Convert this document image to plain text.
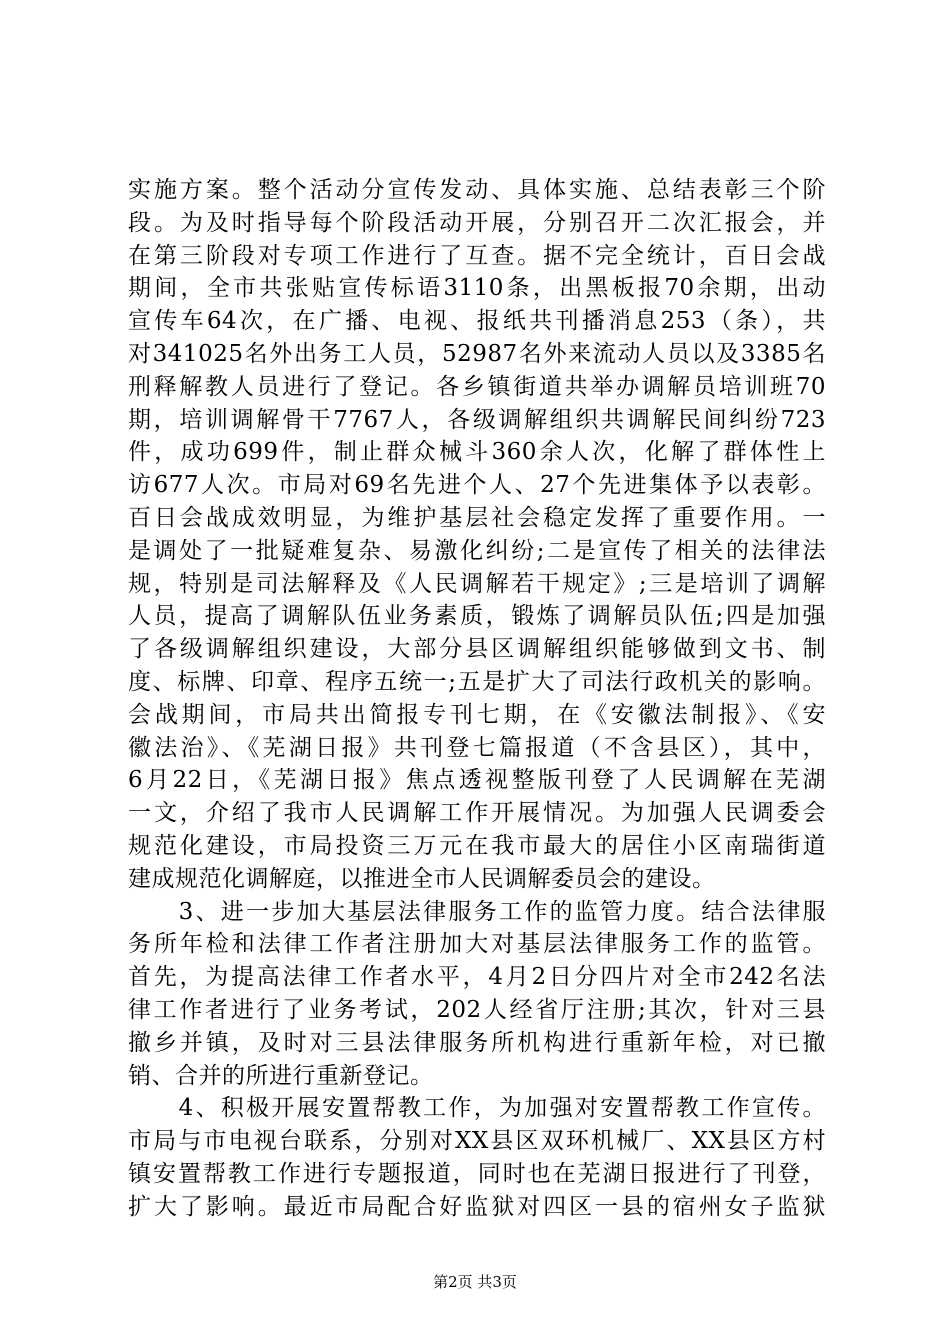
实施方案。整个活动分宣传发动、具体实施、总结表彰三个阶
段。为及时指导每个阶段活动开展，分别召开二次汇报会，并
在第三阶段对专项工作进行了互查。据不完全统计，百日会战
期间，全市共张贴宣传标语3110条，出黑板报70余期，出动
宣传车64次，在广播、电视、报纸共刊播消息253（条），共
对341025名外出务工人员，52987名外来流动人员以及3385名
刑释解教人员进行了登记。各乡镇街道共举办调解员培训班70
期，培训调解骨干7767人，各级调解组织共调解民间纠纷723
件，成功699件，制止群众械斗360余人次，化解了群体性上
访677人次。市局对69名先进个人、27个先进集体予以表彰。
百日会战成效明显，为维护基层社会稳定发挥了重要作用。一
是调处了一批疑难复杂、易激化纠纷;二是宣传了相关的法律法
规，特别是司法解释及《人民调解若干规定》;三是培训了调解
人员，提高了调解队伍业务素质，锻炼了调解员队伍;四是加强
了各级调解组织建设，大部分县区调解组织能够做到文书、制
度、标牌、印章、程序五统一;五是扩大了司法行政机关的影响。
会战期间，市局共出简报专刊七期，在《安徽法制报》、《安
徽法治》、《芜湖日报》共刊登七篇报道（不含县区），其中，
6月22日，《芜湖日报》焦点透视整版刊登了人民调解在芜湖
一文，介绍了我市人民调解工作开展情况。为加强人民调委会
规范化建设，市局投资三万元在我市最大的居住小区南瑞街道
建成规范化调解庭，以推进全市人民调解委员会的建设。
　　3、进一步加大基层法律服务工作的监管力度。结合法律服
务所年检和法律工作者注册加大对基层法律服务工作的监管。
首先，为提高法律工作者水平，4月2日分四片对全市242名法
律工作者进行了业务考试，202人经省厅注册;其次，针对三县
撤乡并镇，及时对三县法律服务所机构进行重新年检，对已撤
销、合并的所进行重新登记。
　　4、积极开展安置帮教工作，为加强对安置帮教工作宣传。
市局与市电视台联系，分别对XX县区双环机械厂、XX县区方村
镇安置帮教工作进行专题报道，同时也在芜湖日报进行了刊登，
扩大了影响。最近市局配合好监狱对四区一县的宿州女子监狱
第2页 共3页
